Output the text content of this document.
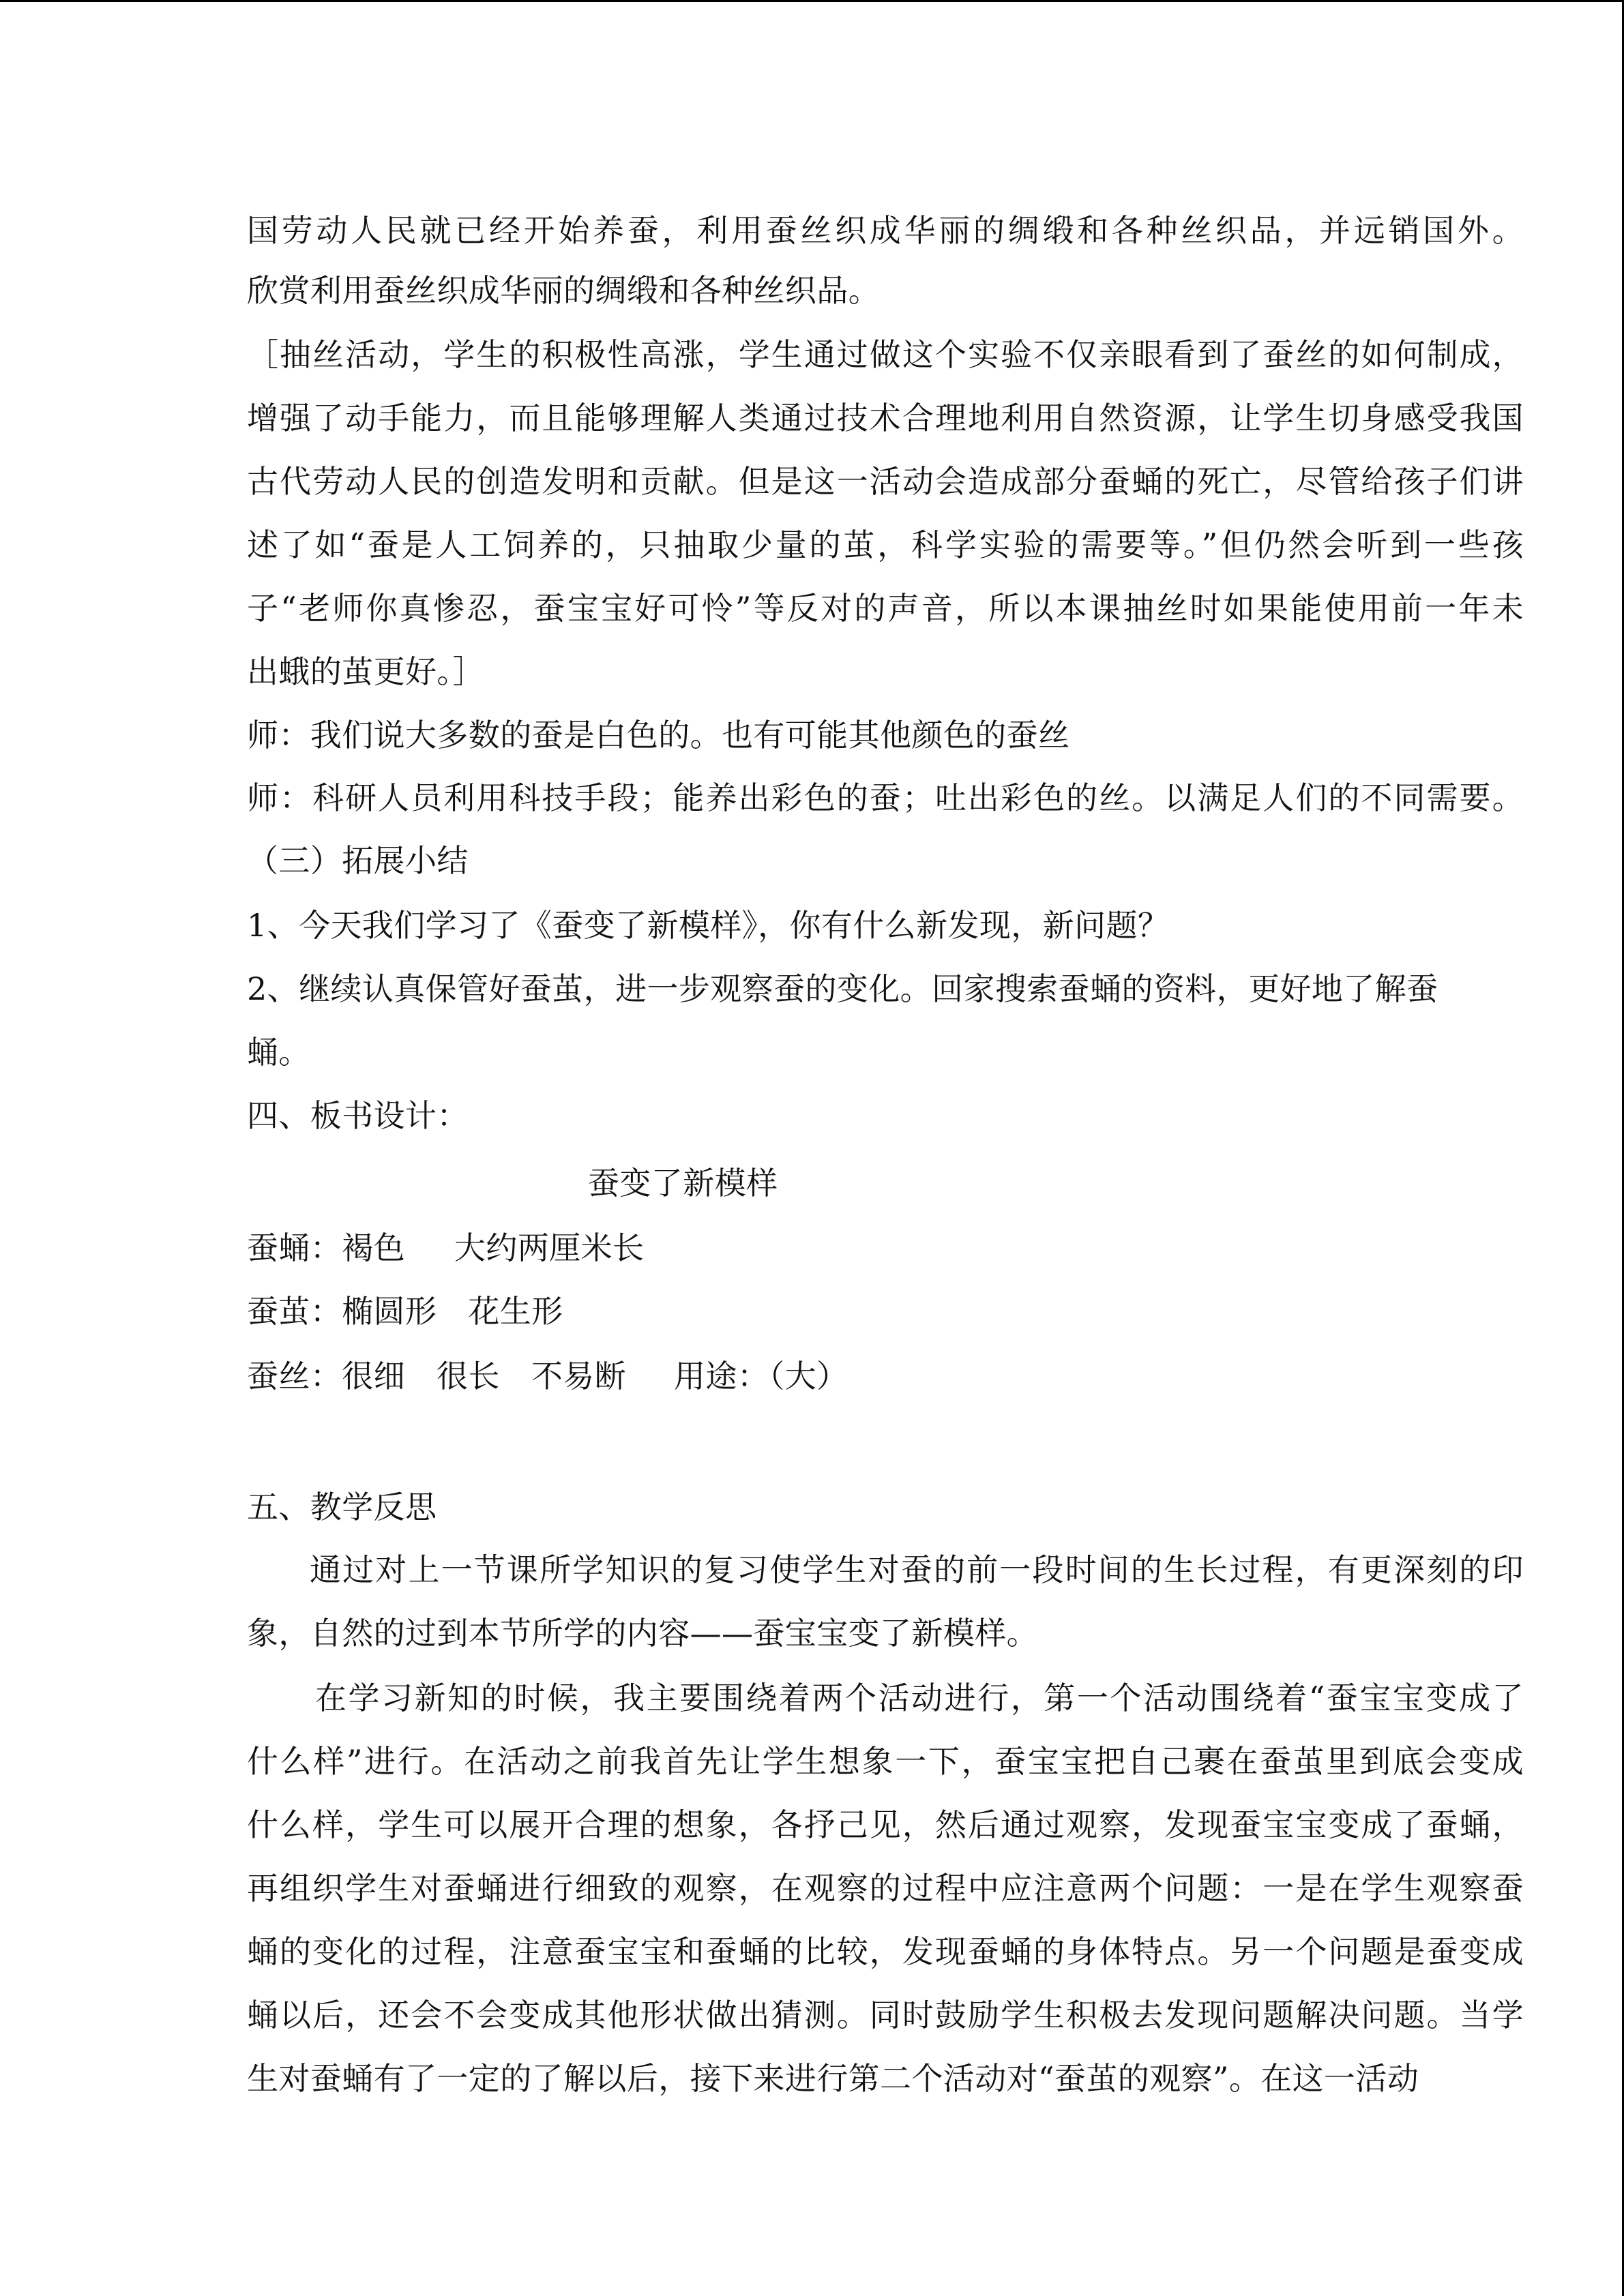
国劳动人民就已经开始养蚕，利用蚕丝织成华丽的绸缎和各种丝织品，并远销国外。
欣赏利用蚕丝织成华丽的绸缎和各种丝织品。
［抽丝活动，学生的积极性高涨，学生通过做这个实验不仅亲眼看到了蚕丝的如何制成，
增强了动手能力，而且能够理解人类通过技术合理地利用自然资源，让学生切身感受我国
古代劳动人民的创造发明和贡献。但是这一活动会造成部分蚕蛹的死亡，尽管给孩子们讲
述了如“蚕是人工饲养的，只抽取少量的茧，科学实验的需要等。”但仍然会听到一些孩
子“老师你真惨忍，蚕宝宝好可怜”等反对的声音，所以本课抽丝时如果能使用前一年未
出蛾的茧更好。］
师：我们说大多数的蚕是白色的。也有可能其他颜色的蚕丝
师：科研人员利用科技手段；能养出彩色的蚕；吐出彩色的丝。以满足人们的不同需要。
（三）拓展小结
1、今天我们学习了《蚕变了新模样》，你有什么新发现，新问题？
2、继续认真保管好蚕茧，进一步观察蚕的变化。回家搜索蚕蛹的资料，更好地了解蚕
蛹。
四、板书设计：
蚕变了新模样
蚕蛹：褐色 大约两厘米长
蚕茧：椭圆形 花生形
蚕丝：很细 很长 不易断 用途：（大）
五、教学反思
通过对上一节课所学知识的复习使学生对蚕的前一段时间的生长过程，有更深刻的印
象，自然的过到本节所学的内容——蚕宝宝变了新模样。
在学习新知的时候，我主要围绕着两个活动进行，第一个活动围绕着“蚕宝宝变成了
什么样”进行。在活动之前我首先让学生想象一下，蚕宝宝把自己裹在蚕茧里到底会变成
什么样，学生可以展开合理的想象，各抒己见，然后通过观察，发现蚕宝宝变成了蚕蛹，
再组织学生对蚕蛹进行细致的观察，在观察的过程中应注意两个问题：一是在学生观察蚕
蛹的变化的过程，注意蚕宝宝和蚕蛹的比较，发现蚕蛹的身体特点。另一个问题是蚕变成
蛹以后，还会不会变成其他形状做出猜测。同时鼓励学生积极去发现问题解决问题。当学
生对蚕蛹有了一定的了解以后，接下来进行第二个活动对“蚕茧的观察”。在这一活动
